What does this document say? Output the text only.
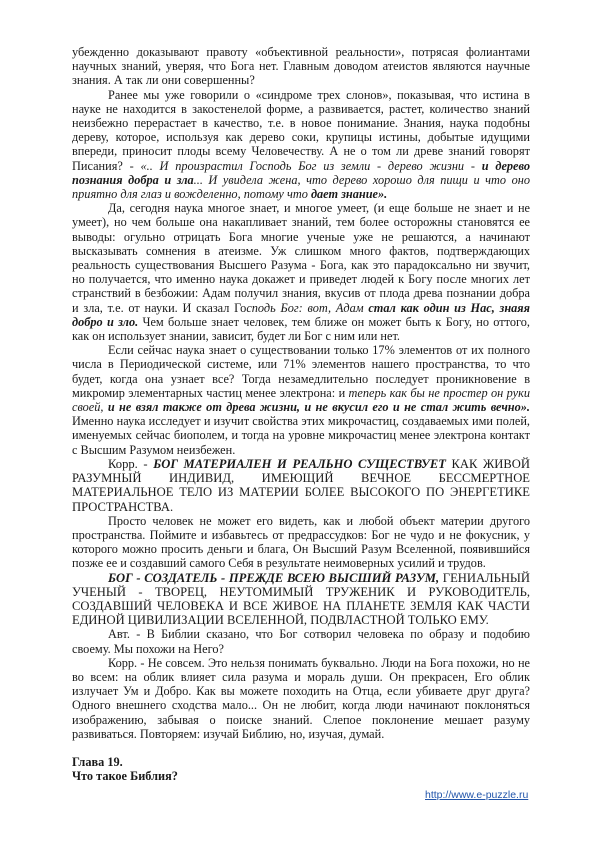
убежденно доказывают правоту «объективной реальности», потрясая фолиантами научных знаний, уверяя, что Бога нет. Главным доводом атеистов являются научные знания. А так ли они совершенны?

Ранее мы уже говорили о «синдроме трех слонов», показывая, что истина в науке не находится в закостенелой форме, а развивается, растет, количество знаний неизбежно перерастает в качество, т.е. в новое понимание. Знания, наука подобны дереву, которое, используя как дерево соки, крупицы истины, добытые идущими впереди, приносит плоды всему Человечеству. А не о том ли древе знаний говорят Писания? - «.. И произрастил Господь Бог из земли - дерево жизни - и дерево познания добра и зла... И увидела жена, что дерево хорошо для пищи и что оно приятно для глаз и вожделенно, потому что дает знание».

Да, сегодня наука многое знает, и многое умеет, (и еще больше не знает и не умеет), но чем больше она накапливает знаний, тем более осторожны становятся ее выводы: огульно отрицать Бога многие ученые уже не решаются, а начинают высказывать сомнения в атеизме. Уж слишком много фактов, подтверждающих реальность существования Высшего Разума - Бога, как это парадоксально ни звучит, но получается, что именно наука докажет и приведет людей к Богу после многих лет странствий в безбожии: Адам получил знания, вкусив от плода древа познании добра и зла, т.е. от науки. И сказал Господь Бог: вот, Адам стал как один из Нас, знаяя добро и зло. Чем больше знает человек, тем ближе он может быть к Богу, но оттого, как он использует знании, зависит, будет ли Бог с ним или нет.

Если сейчас наука знает о существовании только 17% элементов от их полного числа в Периодической системе, или 71% элементов нашего пространства, то что будет, когда она узнает все? Тогда незамедлительно последует проникновение в микромир элементарных частиц менее электрона: и теперь как бы не простер он руки своей, и не взял также от древа жизни, и не вкусил его и не стал жить вечно». Именно наука исследует и изучит свойства этих микрочастиц, создаваемых ими полей, именуемых сейчас биополем, и тогда на уровне микрочастиц менее электрона контакт с Высшим Разумом неизбежен.

Корр. - БОГ МАТЕРИАЛЕН И РЕАЛЬНО СУЩЕСТВУЕТ КАК ЖИВОЙ РАЗУМНЫЙ ИНДИВИД, ИМЕЮЩИЙ ВЕЧНОЕ БЕССМЕРТНОЕ МАТЕРИАЛЬНОЕ ТЕЛО ИЗ МАТЕРИИ БОЛЕЕ ВЫСОКОГО ПО ЭНЕРГЕТИКЕ ПРОСТРАНСТВА.

Просто человек не может его видеть, как и любой объект материи другого пространства. Поймите и избавьтесь от предрассудков: Бог не чудо и не фокусник, у которого можно просить деньги и блага, Он Высший Разум Вселенной, появившийся позже ее и создавший самого Себя в результате неимоверных усилий и трудов.

БОГ - СОЗДАТЕЛЬ - ПРЕЖДЕ ВСЕЮ ВЫСШИЙ РАЗУМ, ГЕНИАЛЬНЫЙ УЧЕНЫЙ - ТВОРЕЦ, НЕУТОМИМЫЙ ТРУЖЕНИК И РУКОВОДИТЕЛЬ, СОЗДАВШИЙ ЧЕЛОВЕКА И ВСЕ ЖИВОЕ НА ПЛАНЕТЕ ЗЕМЛЯ КАК ЧАСТИ ЕДИНОЙ ЦИВИЛИЗАЦИИ ВСЕЛЕННОЙ, ПОДВЛАСТНОЙ ТОЛЬКО ЕМУ.

Авт. - В Библии сказано, что Бог сотворил человека по образу и подобию своему. Мы похожи на Него?

Корр. - Не совсем. Это нельзя понимать буквально. Люди на Бога похожи, но не во всем: на облик влияет сила разума и мораль души. Он прекрасен, Его облик излучает Ум и Добро. Как вы можете походить на Отца, если убиваете друг друга? Одного внешнего сходства мало... Он не любит, когда люди начинают поклоняться изображению, забывая о поиске знаний. Слепое поклонение мешает разуму развиваться. Повторяем: изучай Библию, но, изучая, думай.

Глава 19.
Что такое Библия?
http://www.e-puzzle.ru
